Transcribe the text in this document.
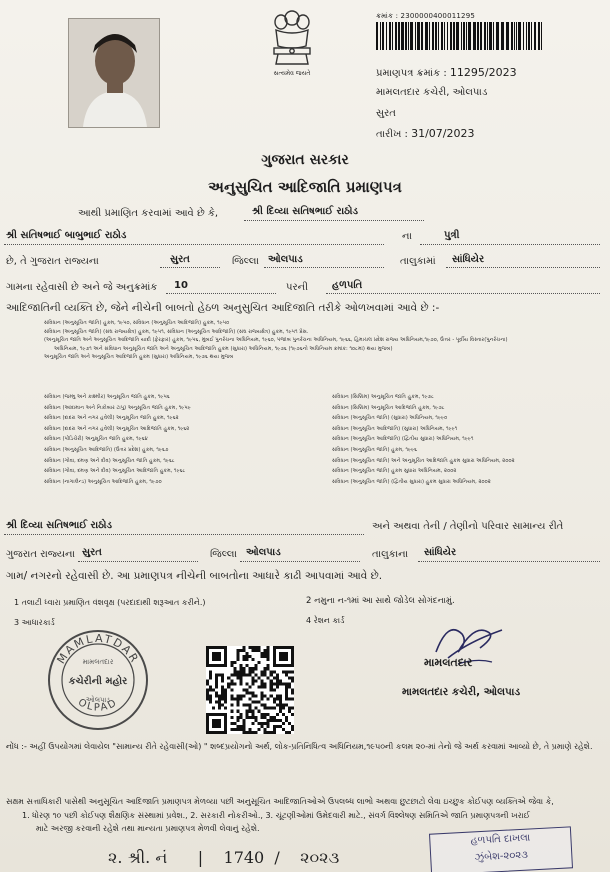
સત્યમેવ જયતે
ક્રમાંક : 2300000400011295
પ્રમાણપત્ર ક્રમાંક : 11295/2023
મામલતદાર કચેરી, ઓલપાડ
સુરત
તારીખ : 31/07/2023
ગુજરાત સરકાર
અનુસુચિત આદિજાતિ પ્રમાણપત્ર
આથી પ્રમાણિત કરવામાં આવે છે કે,	શ્રી દિવ્યા સતિષભાઈ રાઠોડ
શ્રી સતિષભાઈ બાબુભાઈ રાઠોડ	ના	પુત્રી
છે, તે ગુજરાત રાજ્યના	સુરત	જિલ્લા ઓલપાડ	તાલુકામાં સાંધિયેર
ગામના રહેવાસી છે અને જે અનુક્રમાંક 10	પરની હળપતિ
આદિજાતિની વ્યક્તિ છે, જેને નીચેની બાબતો હેઠળ અનુસુચિત આદિજાતિ તરીકે ઓળખવામાં આવે છે :-
સંવિધાન (અનુસૂચિત જાતિ) હુકમ, ૧૯૫૦, સંવિધાન (અનુસૂચિત આદિજાતિ) હુકમ, ૧૯૫૦
સંવિધાન (અનુસૂચિત જાતિ) (સંઘ રાજ્યક્ષેત્ર) હુકમ, ૧૯૫૧, સંવિધાન (અનુસૂચિત આદિજાતિ) (સંઘ રાજ્યક્ષેત્ર) હુકમ, ૧૯૫૧ પ્રેસ.
(અનુસૂચિત જાતિ અને અનુસૂચિત આદિજાતિ યાદી (ફેરફાર) હુકમ, ૧૯૫૬, મુંબઈ પુનર્રચના અધિનિયમ, ૧૯૬૦, પંજાબ પુનર્રચના અધિનિયમ, ૧૯૬૬, હિમાચલ પ્રદેશ રાજ્ય અધિનિયમ,૧૯૭૦, ઉત્તર - પૂર્વીય વિસ્તાર(પુનર્રચના)
અધિનિયમ, ૧૯૭૧ અને સંવિધાન અનુસૂચિત જાતિ અને અનુસૂચિત આદિજાતિ હુકમ (સુધારા) અધિનિયમ, ૧૯૭૬ (૧૯૭૬નો અધિનિયમ ક્રમાંક: ૧૦૮માં) થયા મુજબ)
અનુસૂચિત જાતિ અને અનુસૂચિત આદિજાતિ હુકમ (સુધારા) અધિનિયમ, ૧૯૭૬ થયા મુજબ
સંવિધાન (જમ્મુ અને કાશ્મીર) અનુસૂચિત જાતિ હુકમ, ૧૯૫૬
સંવિધાન (આંદામાન અને નિકોબાર ટાપુ) અનુસૂચિત જાતિ હુકમ, ૧૯૫૯
સંવિધાન (દાદરા અને નગર હવેલી) અનુસૂચિત જાતિ હુકમ, ૧૯૬૨
સંવિધાન (દાદરા અને નગર હવેલી) અનુસૂચિત આદિજાતિ હુકમ, ૧૯૬૨
સંવિધાન (પોંડિચેરી) અનુસૂચિત જાતિ હુકમ, ૧૯૬૪
સંવિધાન (અનુસૂચિત આદિજાતિ) (ઉત્તર પ્રદેશ) હુકમ, ૧૯૬૭
સંવિધાન (ગોવા, દમણ અને દીવ) અનુસૂચિત જાતિ હુકમ, ૧૯૬૮
સંવિધાન (ગોવા, દમણ અને દીવ) અનુસૂચિત આદિજાતિ હુકમ, ૧૯૬૮
સંવિધાન (નાગાલેન્ડ) અનુસૂચિત આદિજાતિ હુકમ, ૧૯૭૦
સંવિધાન (સિક્કિમ) અનુસૂચિત જાતિ હુકમ, ૧૯૭૮
સંવિધાન (સિક્કિમ) અનુસૂચિત આદિજાતિ હુકમ, ૧૯૭૮
સંવિધાન (અનુસૂચિત જાતિ) (સુધારા) અધિનિયમ, ૧૯૯૦
સંવિધાન (અનુસૂચિત આદિજાતિ) (સુધારા) અધિનિયમ, ૧૯૯૧
સંવિધાન (અનુસૂચિત આદિજાતિ) (દ્વિતીય સુધારા) અધિનિયમ, ૧૯૯૧
સંવિધાન (અનુસૂચિત જાતિ) હુકમ, ૧૯૯૬
સંવિધાન (અનુસૂચિત જાતિ) અને અનુસૂચિત આદિજાતિ હુકમ સુધારા અધિનિયમ, ૨૦૦૨
સંવિધાન (અનુસૂચિત જાતિ) હુકમ સુધારા અધિનિયમ, ૨૦૦૨
સંવિધાન (અનુસૂચિત જાતિ) (દ્વિતીય સુધારા) હુકમ સુધારા અધિનિયમ, ૨૦૦૨
શ્રી દિવ્યા સતિષભાઈ રાઠોડ	અને અથવા તેની / તેણીનો પરિવાર સામાન્ય રીતે
ગુજરાત રાજ્યના સુરત	જિલ્લા ઓલપાડ	તાલુકાના સાંધિયેર
ગામ/ નગરનો રહેવાસી છે. આ પ્રમાણપત્ર નીચેની બાબતોના આધારે કાઢી આપવામાં આવે છે.
1 તલાટી ધ્વારા પ્રમાણિત વંશવૃક્ષ (પરદાદાથી શરૂઆત કરીને.)	2 નમુના ન-૧માં આ સાથે જોડેલ સોગંદનામું.
3 આધારકાર્ડ	4 રેશન કાર્ડ
MAMLATDAR
OLPAD
મામલતદાર
કચેરીની મહોર
ઓલપાડ
મામલતદાર
મામલતદાર કચેરી, ઓલપાડ
નોંધ :- અહીં ઉપયોગમાં લેવાયેલ "સામાન્ય રીતે રહેવાસી(ઓ) " શબ્દપ્રયોગનો અર્થ, લોક-પ્રતિનિધિત્વ અધિનિયમ,૧૯૫૦ની કલમ ૨૦-માં તેનો જે અર્થ કરવામાં આવ્યો છે, તે પ્રમાણે રહેશે.
સક્ષમ સત્તાધિકારી પાસેથી અનુસૂચિત આદિજાતિ પ્રમાણપત્ર મેળવ્યા પછી અનુસૂચિત આદિજાતિઓએ ઉપલબ્ધ લાભો અથવા છુટછાટો લેવા ઇચ્છુક કોઈપણ વ્યક્તિએ જેવા કે,
1. ધોરણ ૧૦ પછી કોઈપણ શૈક્ષણિક સંસ્થામાં પ્રવેશ., 2. સરકારી નોકરીઓ., 3. ચૂંટણીઓમાં ઉમેદવારી માટે., સંવર્ગ વિશ્લેષણ સમિતિએ જાતિ પ્રમાણપત્રની ખરાઈ
માટે અરજી કરવાની રહેશે તથા માન્યતા પ્રમાણપત્ર મેળવી લેવાનું રહેશે.
૨. શ્રી. નં      |    1740  /    ૨૦૨૩
હળપતિ દાખલા
ઝુંબેશ-૨૦૨૩
